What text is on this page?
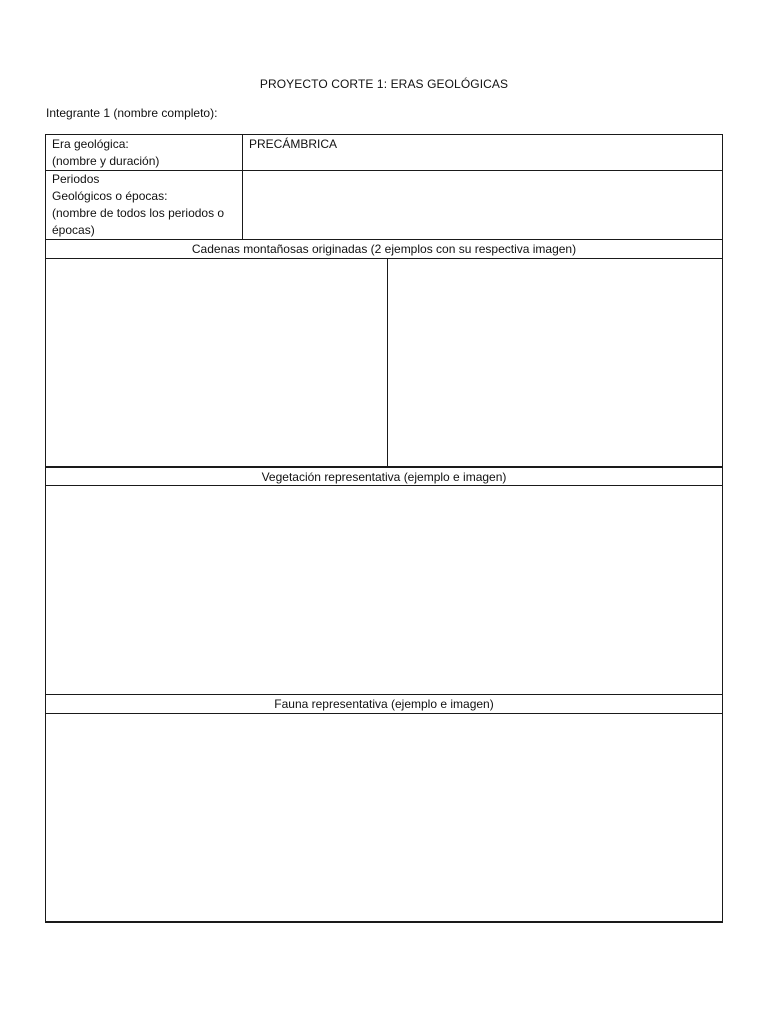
PROYECTO CORTE 1: ERAS GEOLÓGICAS
Integrante 1 (nombre completo):
Era geológica:
(nombre y duración)
PRECÁMBRICA
Periodos
Geológicos o épocas:
(nombre de todos los periodos o
épocas)
Cadenas montañosas originadas (2 ejemplos con su respectiva imagen)
Vegetación representativa (ejemplo e imagen)
Fauna representativa (ejemplo e imagen)
